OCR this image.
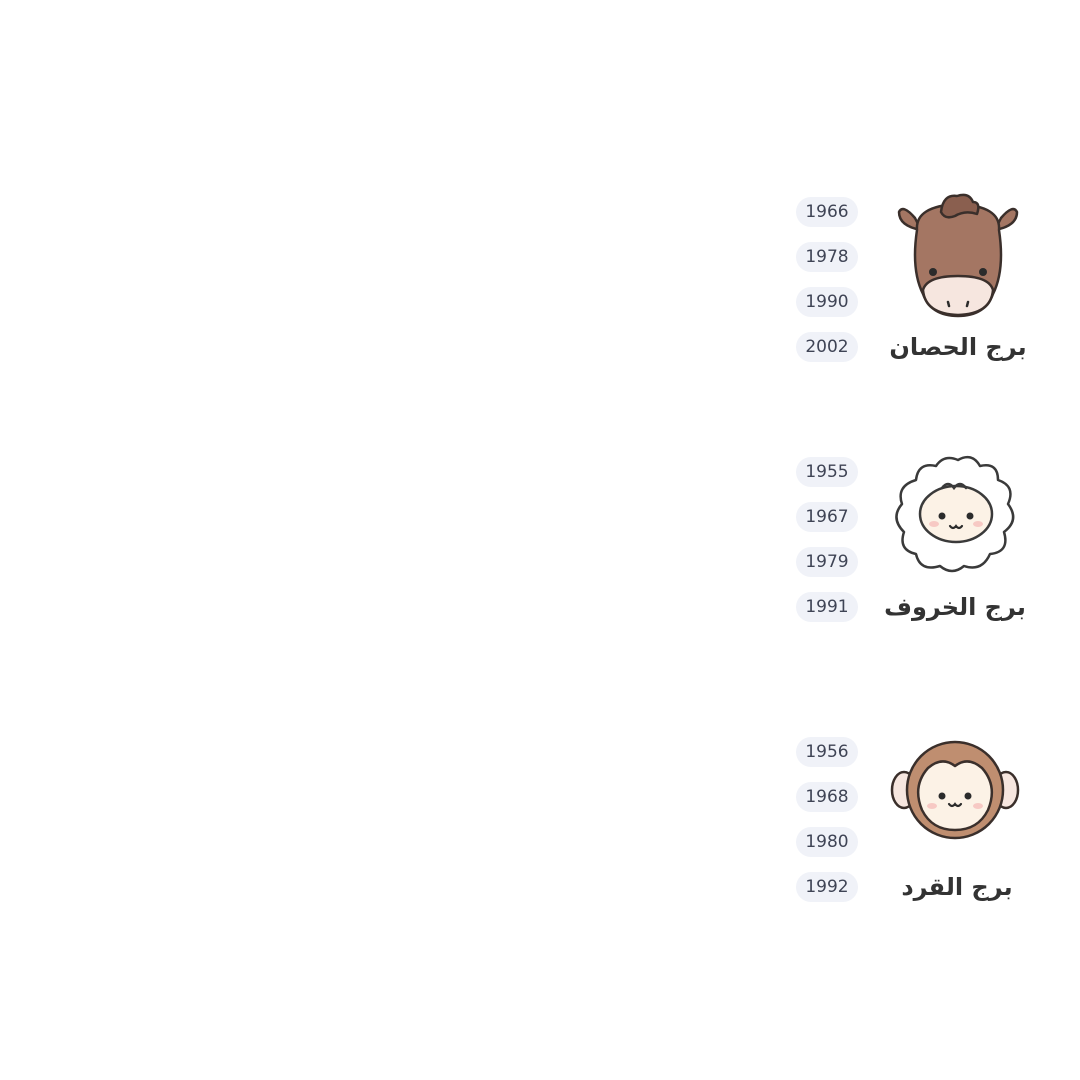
برج الحصان
1966
1978
1990
2002
برج الخروف
1955
1967
1979
1991
برج القرد
1956
1968
1980
1992
